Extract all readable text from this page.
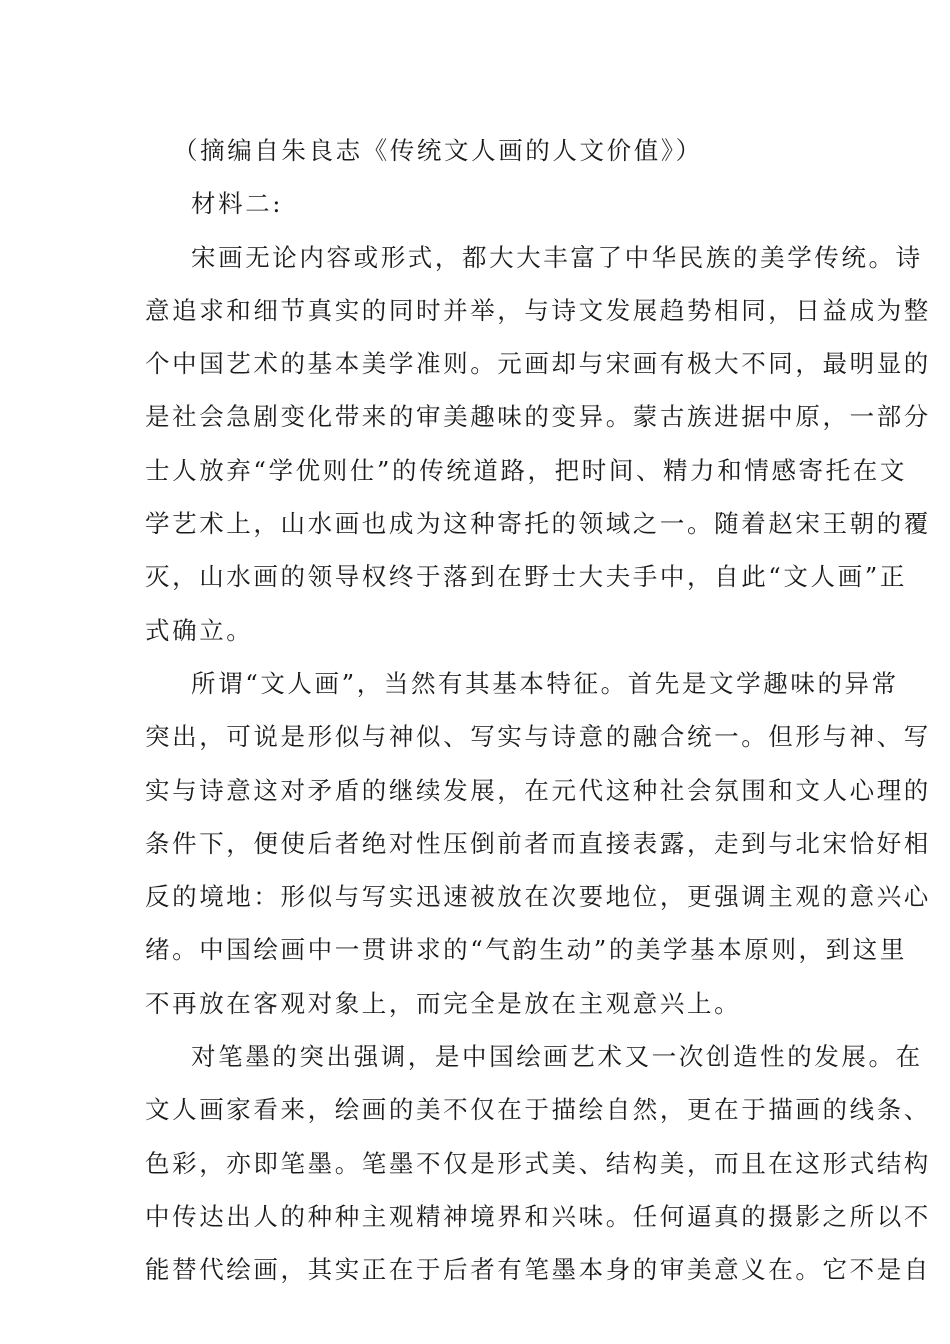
（摘编自朱良志《传统文人画的人文价值》）
材料二:
宋画无论内容或形式，都大大丰富了中华民族的美学传统。诗
意追求和细节真实的同时并举，与诗文发展趋势相同，日益成为整
个中国艺术的基本美学准则。元画却与宋画有极大不同，最明显的
是社会急剧变化带来的审美趣味的变异。蒙古族进据中原，一部分
士人放弃“学优则仕”的传统道路，把时间、精力和情感寄托在文
学艺术上，山水画也成为这种寄托的领域之一。随着赵宋王朝的覆
灭，山水画的领导权终于落到在野士大夫手中，自此“文人画”正
式确立。
所谓“文人画”，当然有其基本特征。首先是文学趣味的异常
突出，可说是形似与神似、写实与诗意的融合统一。但形与神、写
实与诗意这对矛盾的继续发展，在元代这种社会氛围和文人心理的
条件下，便使后者绝对性压倒前者而直接表露，走到与北宋恰好相
反的境地：形似与写实迅速被放在次要地位，更强调主观的意兴心
绪。中国绘画中一贯讲求的“气韵生动”的美学基本原则，到这里
不再放在客观对象上，而完全是放在主观意兴上。
对笔墨的突出强调，是中国绘画艺术又一次创造性的发展。在
文人画家看来，绘画的美不仅在于描绘自然，更在于描画的线条、
色彩，亦即笔墨。笔墨不仅是形式美、结构美，而且在这形式结构
中传达出人的种种主观精神境界和兴味。任何逼真的摄影之所以不
能替代绘画，其实正在于后者有笔墨本身的审美意义在。它不是自
